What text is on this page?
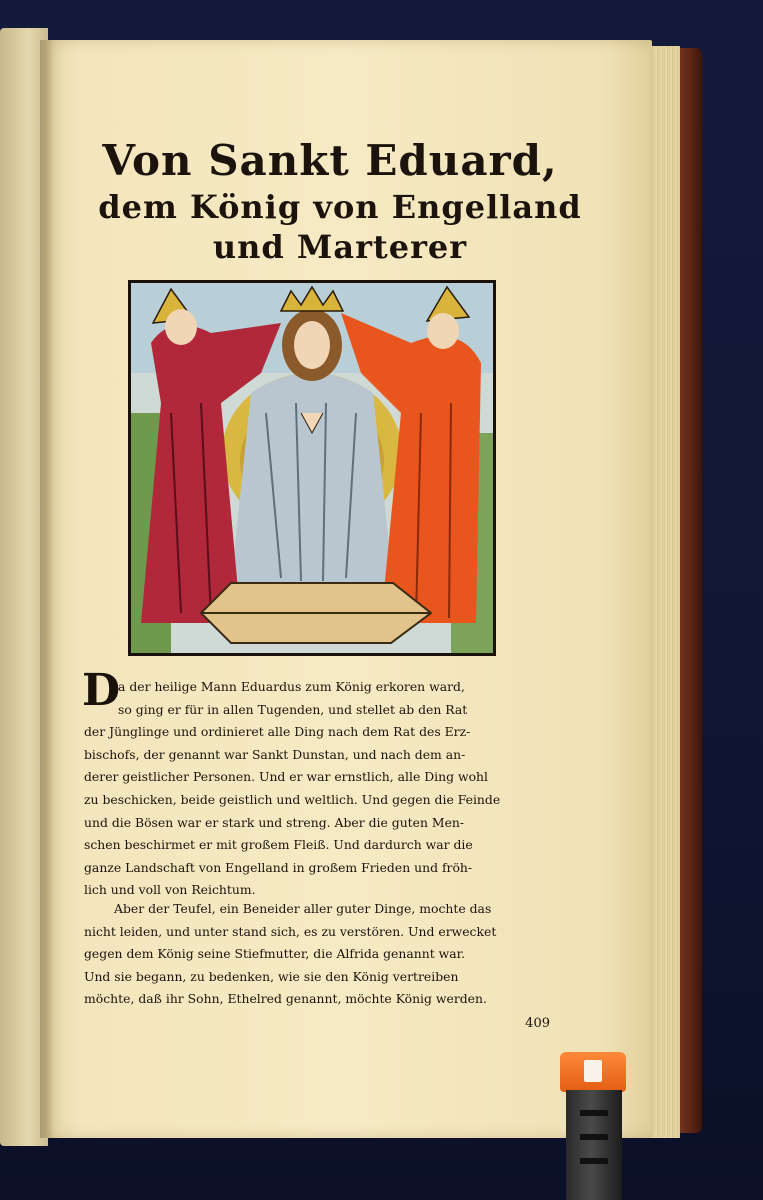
Von Sankt Eduard,
dem König von Engelland
und Marterer
D

a der heilige Mann Eduardus zum König erkoren ward,
so ging er für in allen Tugenden, und stellet ab den Rat
der Jünglinge und ordinieret alle Ding nach dem Rat des Erz-
bischofs, der genannt war Sankt Dunstan, und nach dem an-
derer geistlicher Personen. Und er war ernstlich, alle Ding wohl
zu beschicken, beide geistlich und weltlich. Und gegen die Feinde
und die Bösen war er stark und streng. Aber die guten Men-
schen beschirmet er mit großem Fleiß. Und dardurch war die
ganze Landschaft von Engelland in großem Frieden und fröh-
lich und voll von Reichtum.

Aber der Teufel, ein Beneider aller guter Dinge, mochte das
nicht leiden, und unter stand sich, es zu verstören. Und erwecket
gegen dem König seine Stiefmutter, die Alfrida genannt war.
Und sie begann, zu bedenken, wie sie den König vertreiben
möchte, daß ihr Sohn, Ethelred genannt, möchte König werden.

409
